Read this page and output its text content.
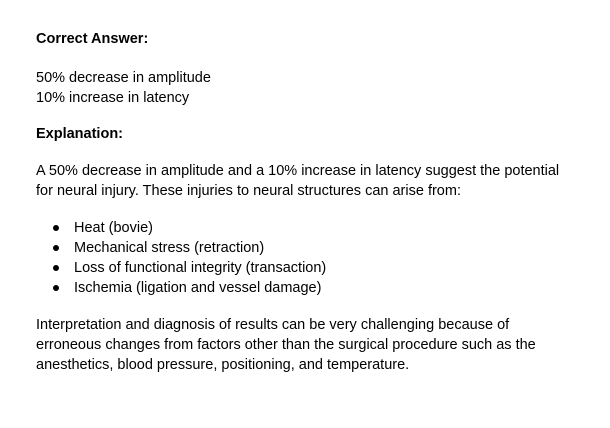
Correct Answer:

50% decrease in amplitude

10% increase in latency

Explanation:

A 50% decrease in amplitude and a 10% increase in latency suggest the potential for neural injury. These injuries to neural structures can arise from:

Heat (bovie)
Mechanical stress (retraction)
Loss of functional integrity (transaction)
Ischemia (ligation and vessel damage)

Interpretation and diagnosis of results can be very challenging because of erroneous changes from factors other than the surgical procedure such as the anesthetics, blood pressure, positioning, and temperature.
